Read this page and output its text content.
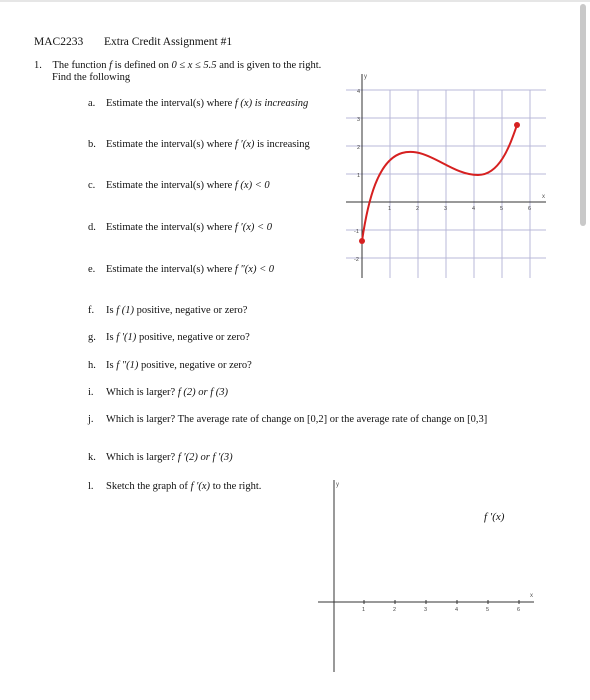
MAC2233 Extra Credit Assignment #1
1. The function f is defined on 0 ≤ x ≤ 5.5 and is given to the right.
Find the following
a. Estimate the interval(s) where f (x) is increasing
b. Estimate the interval(s) where f ′(x) is increasing
c. Estimate the interval(s) where f (x) < 0
d. Estimate the interval(s) where f ′(x) < 0
e. Estimate the interval(s) where f ″(x) < 0
f. Is f (1) positive, negative or zero?
g. Is f ′(1) positive, negative or zero?
h. Is f ″(1) positive, negative or zero?
i. Which is larger? f (2) or f (3)
j. Which is larger? The average rate of change on [0,2] or the average rate of change on [0,3]
k. Which is larger? f ′(2) or f ′(3)
l. Sketch the graph of f ′(x) to the right.
x
y
1	2	3	4	5	6
4
3
2
1
-1
-2
y
x
1	2	3	4	5	6
f ′(x)
